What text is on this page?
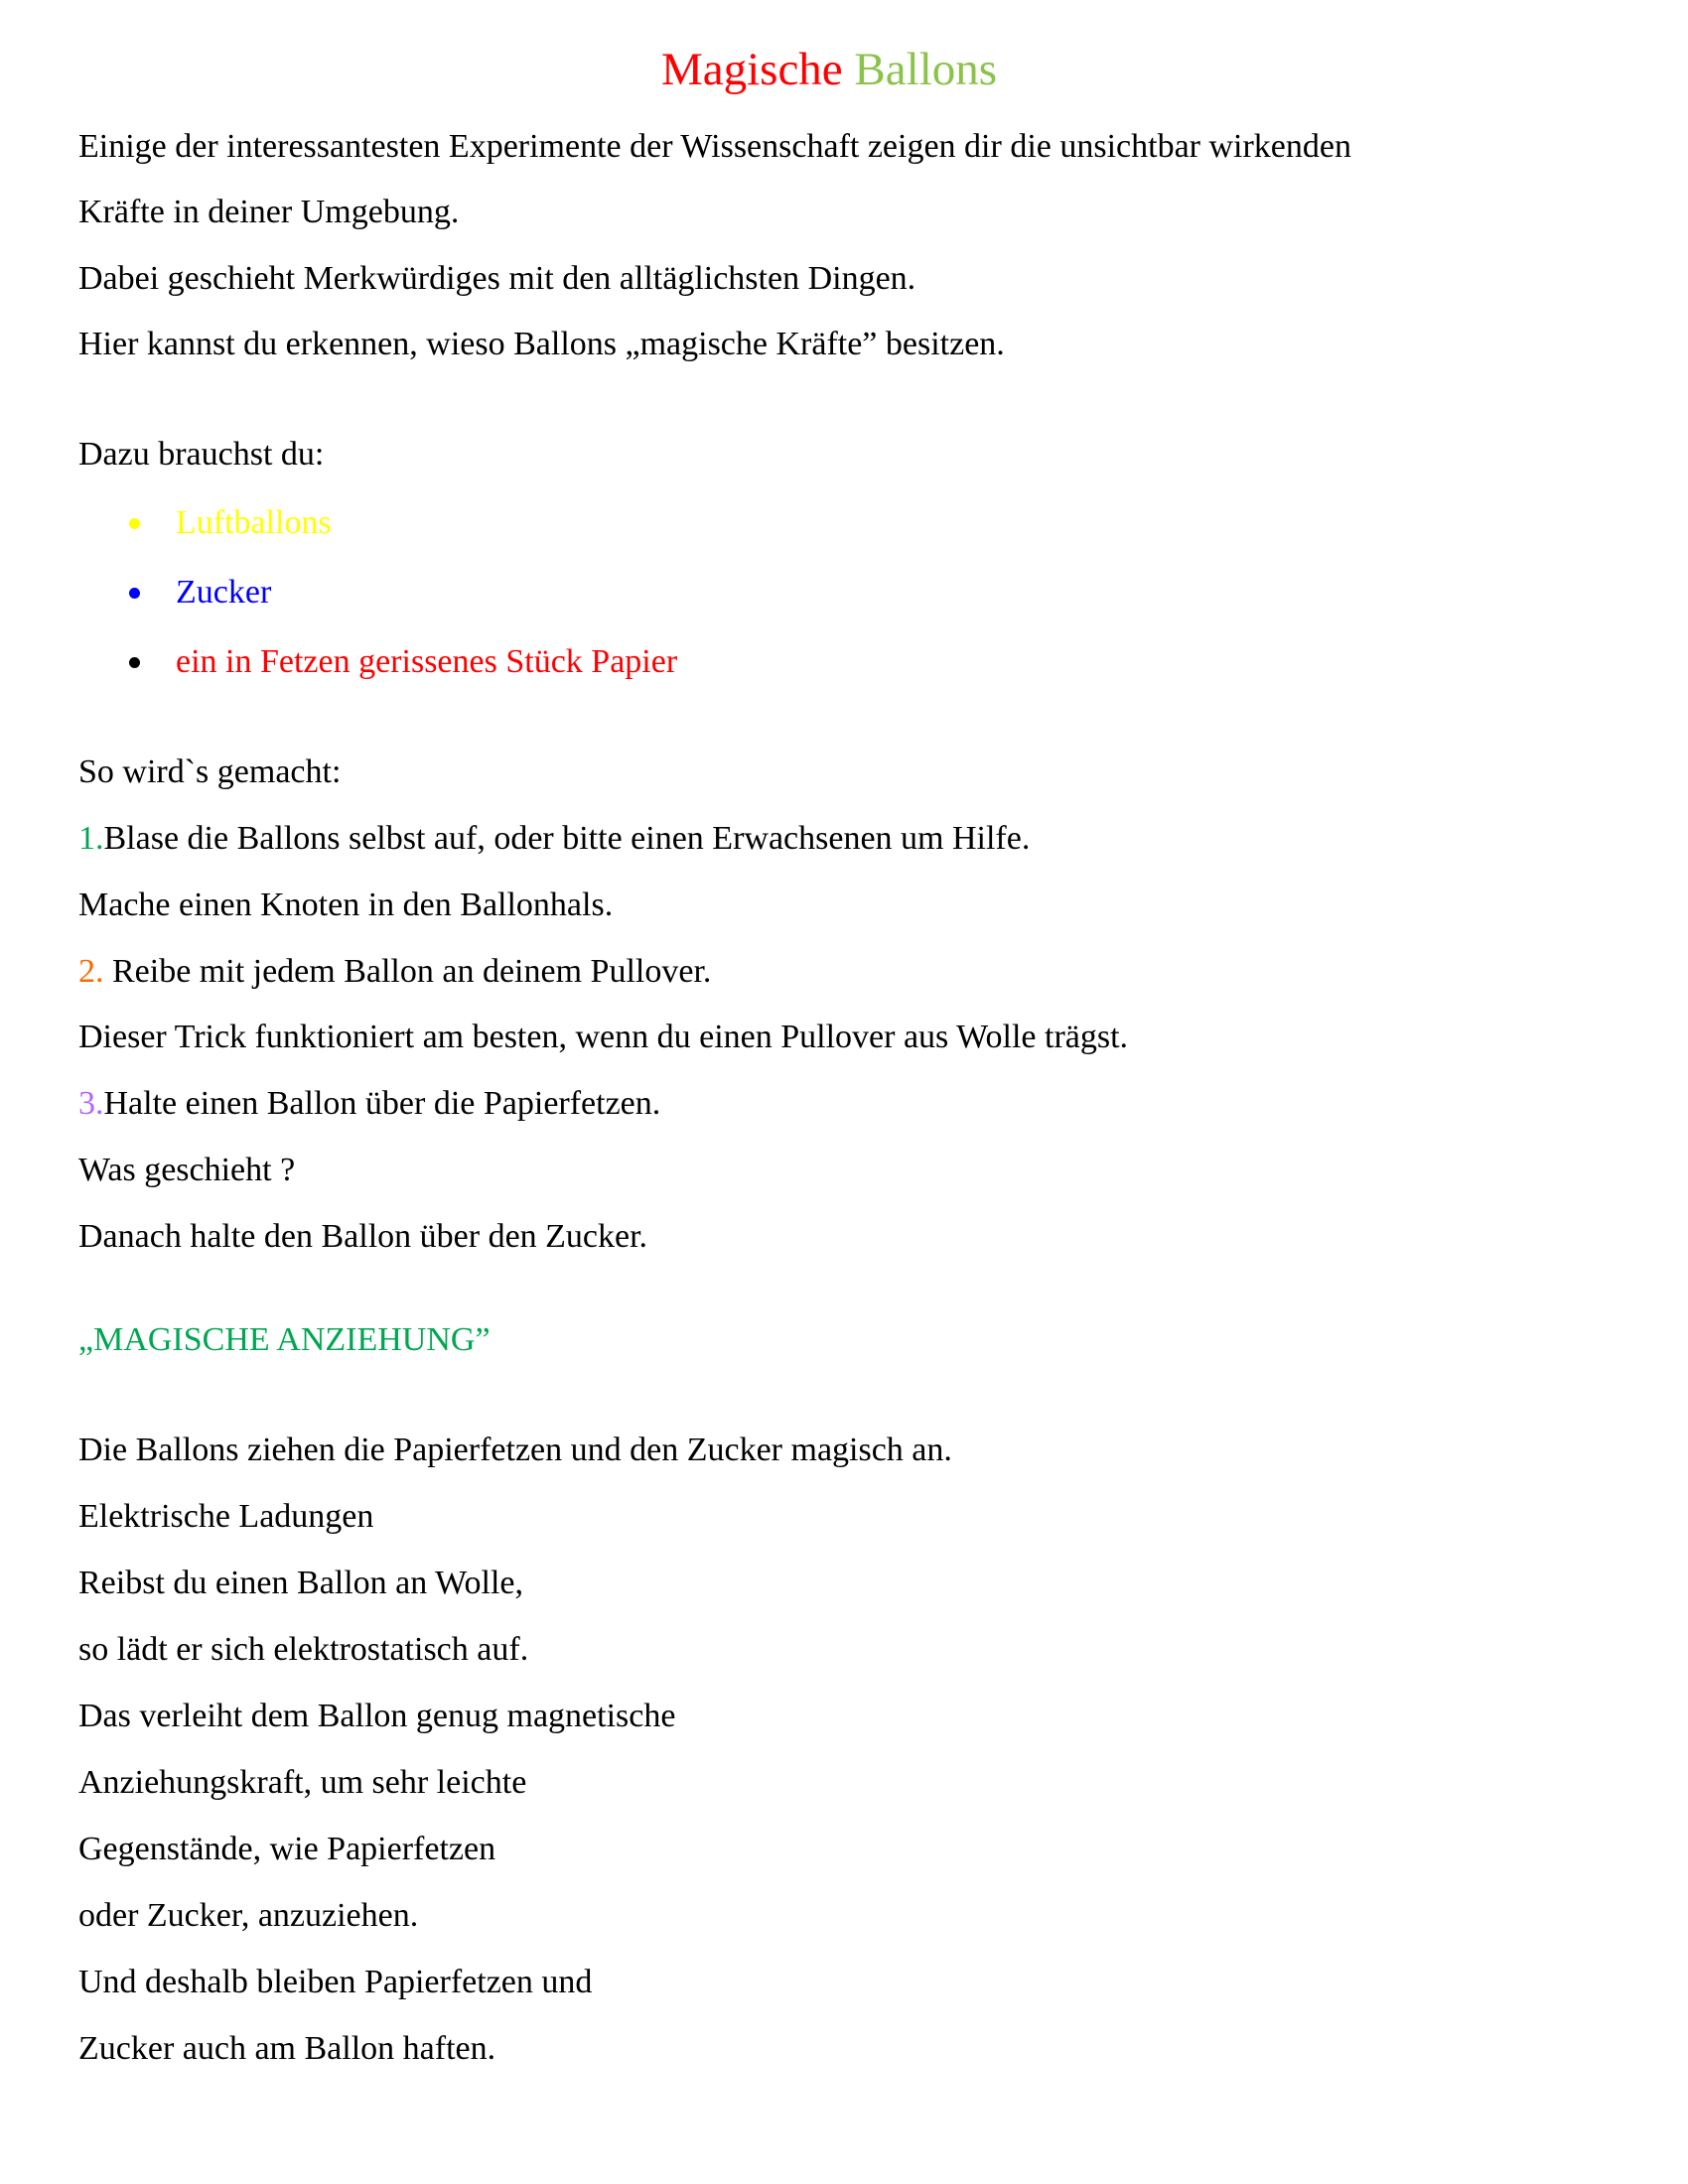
Magische Ballons
Einige der interessantesten Experimente der Wissenschaft zeigen dir die unsichtbar wirkenden
Kräfte in deiner Umgebung.
Dabei geschieht Merkwürdiges mit den alltäglichsten Dingen.
Hier kannst du erkennen, wieso Ballons „magische Kräfte” besitzen.
Dazu brauchst du:
Luftballons
Zucker
ein in Fetzen gerissenes Stück Papier
So wird`s gemacht:
1.Blase die Ballons selbst auf, oder bitte einen Erwachsenen um Hilfe.
Mache einen Knoten in den Ballonhals.
2. Reibe mit jedem Ballon an deinem Pullover.
Dieser Trick funktioniert am besten, wenn du einen Pullover aus Wolle trägst.
3.Halte einen Ballon über die Papierfetzen.
Was geschieht ?
Danach halte den Ballon über den Zucker.
„MAGISCHE ANZIEHUNG”
Die Ballons ziehen die Papierfetzen und den Zucker magisch an.
Elektrische Ladungen
Reibst du einen Ballon an Wolle,
so lädt er sich elektrostatisch auf.
Das verleiht dem Ballon genug magnetische
Anziehungskraft, um sehr leichte
Gegenstände, wie Papierfetzen
oder Zucker, anzuziehen.
Und deshalb bleiben Papierfetzen und
Zucker auch am Ballon haften.
